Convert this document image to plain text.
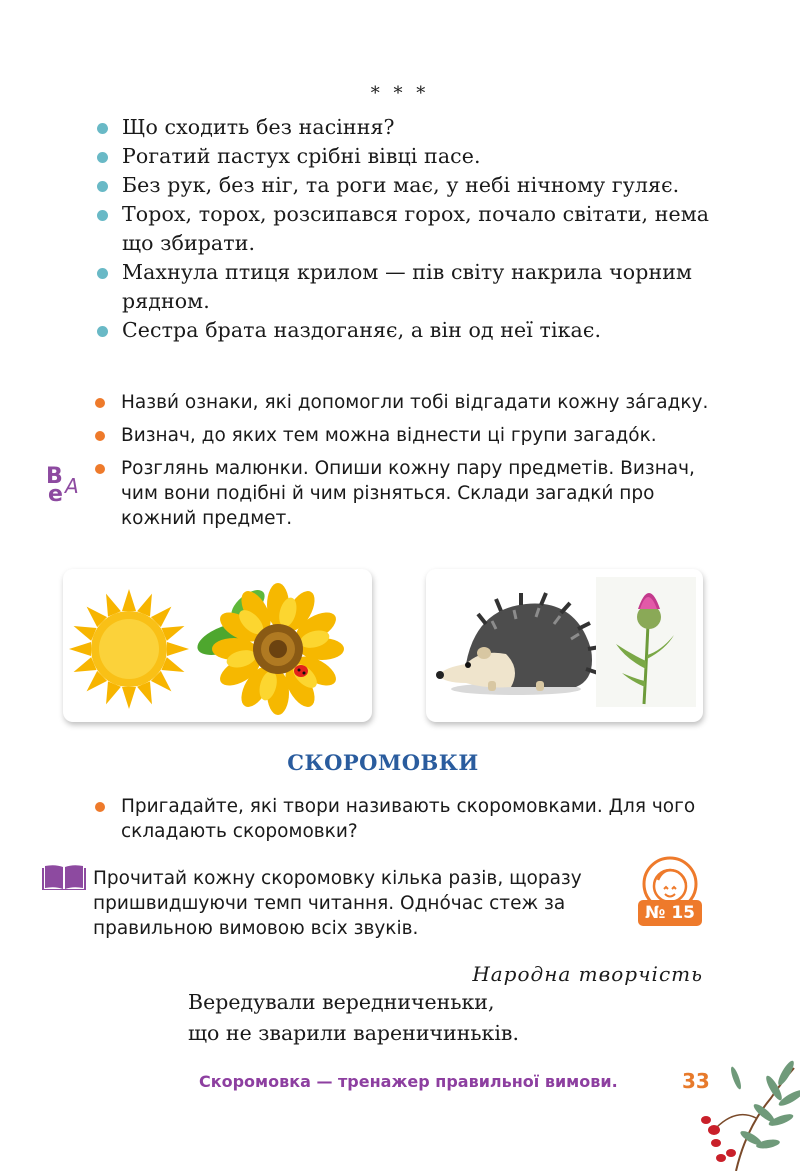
* * *
Що сходить без насіння?
Рогатий пастух срібні вівці пасе.
Без рук, без ніг, та роги має, у небі нічному гуляє.
Торох, торох, розсипався горох, почало світати, нема що збирати.
Махнула птиця крилом — пів світу накрила чорним рядном.
Сестра брата наздоганяє, а він од неї тікає.
Назви́ ознаки, які допомогли тобі відгадати кожну за́гадку.
Визнач, до яких тем можна віднести ці групи загадо́к.
Розглянь малюнки. Опиши кожну пару предметів. Визнач, чим вони подібні й чим різняться. Склади загадки́ про кожний предмет.
В
е А
СКОРОМОВКИ
Пригадайте, які твори називають скоромовками. Для чого складають скоромовки?
Прочитай кожну скоромовку кілька разів, щоразу пришвидшуючи темп читання. Одно́час стеж за правильною вимовою всіх звуків.
№ 15
Народна творчість
Вередували вередниченьки,
що не зварили вареничиньків.
Скоромовка — тренажер правильної вимови.	33
